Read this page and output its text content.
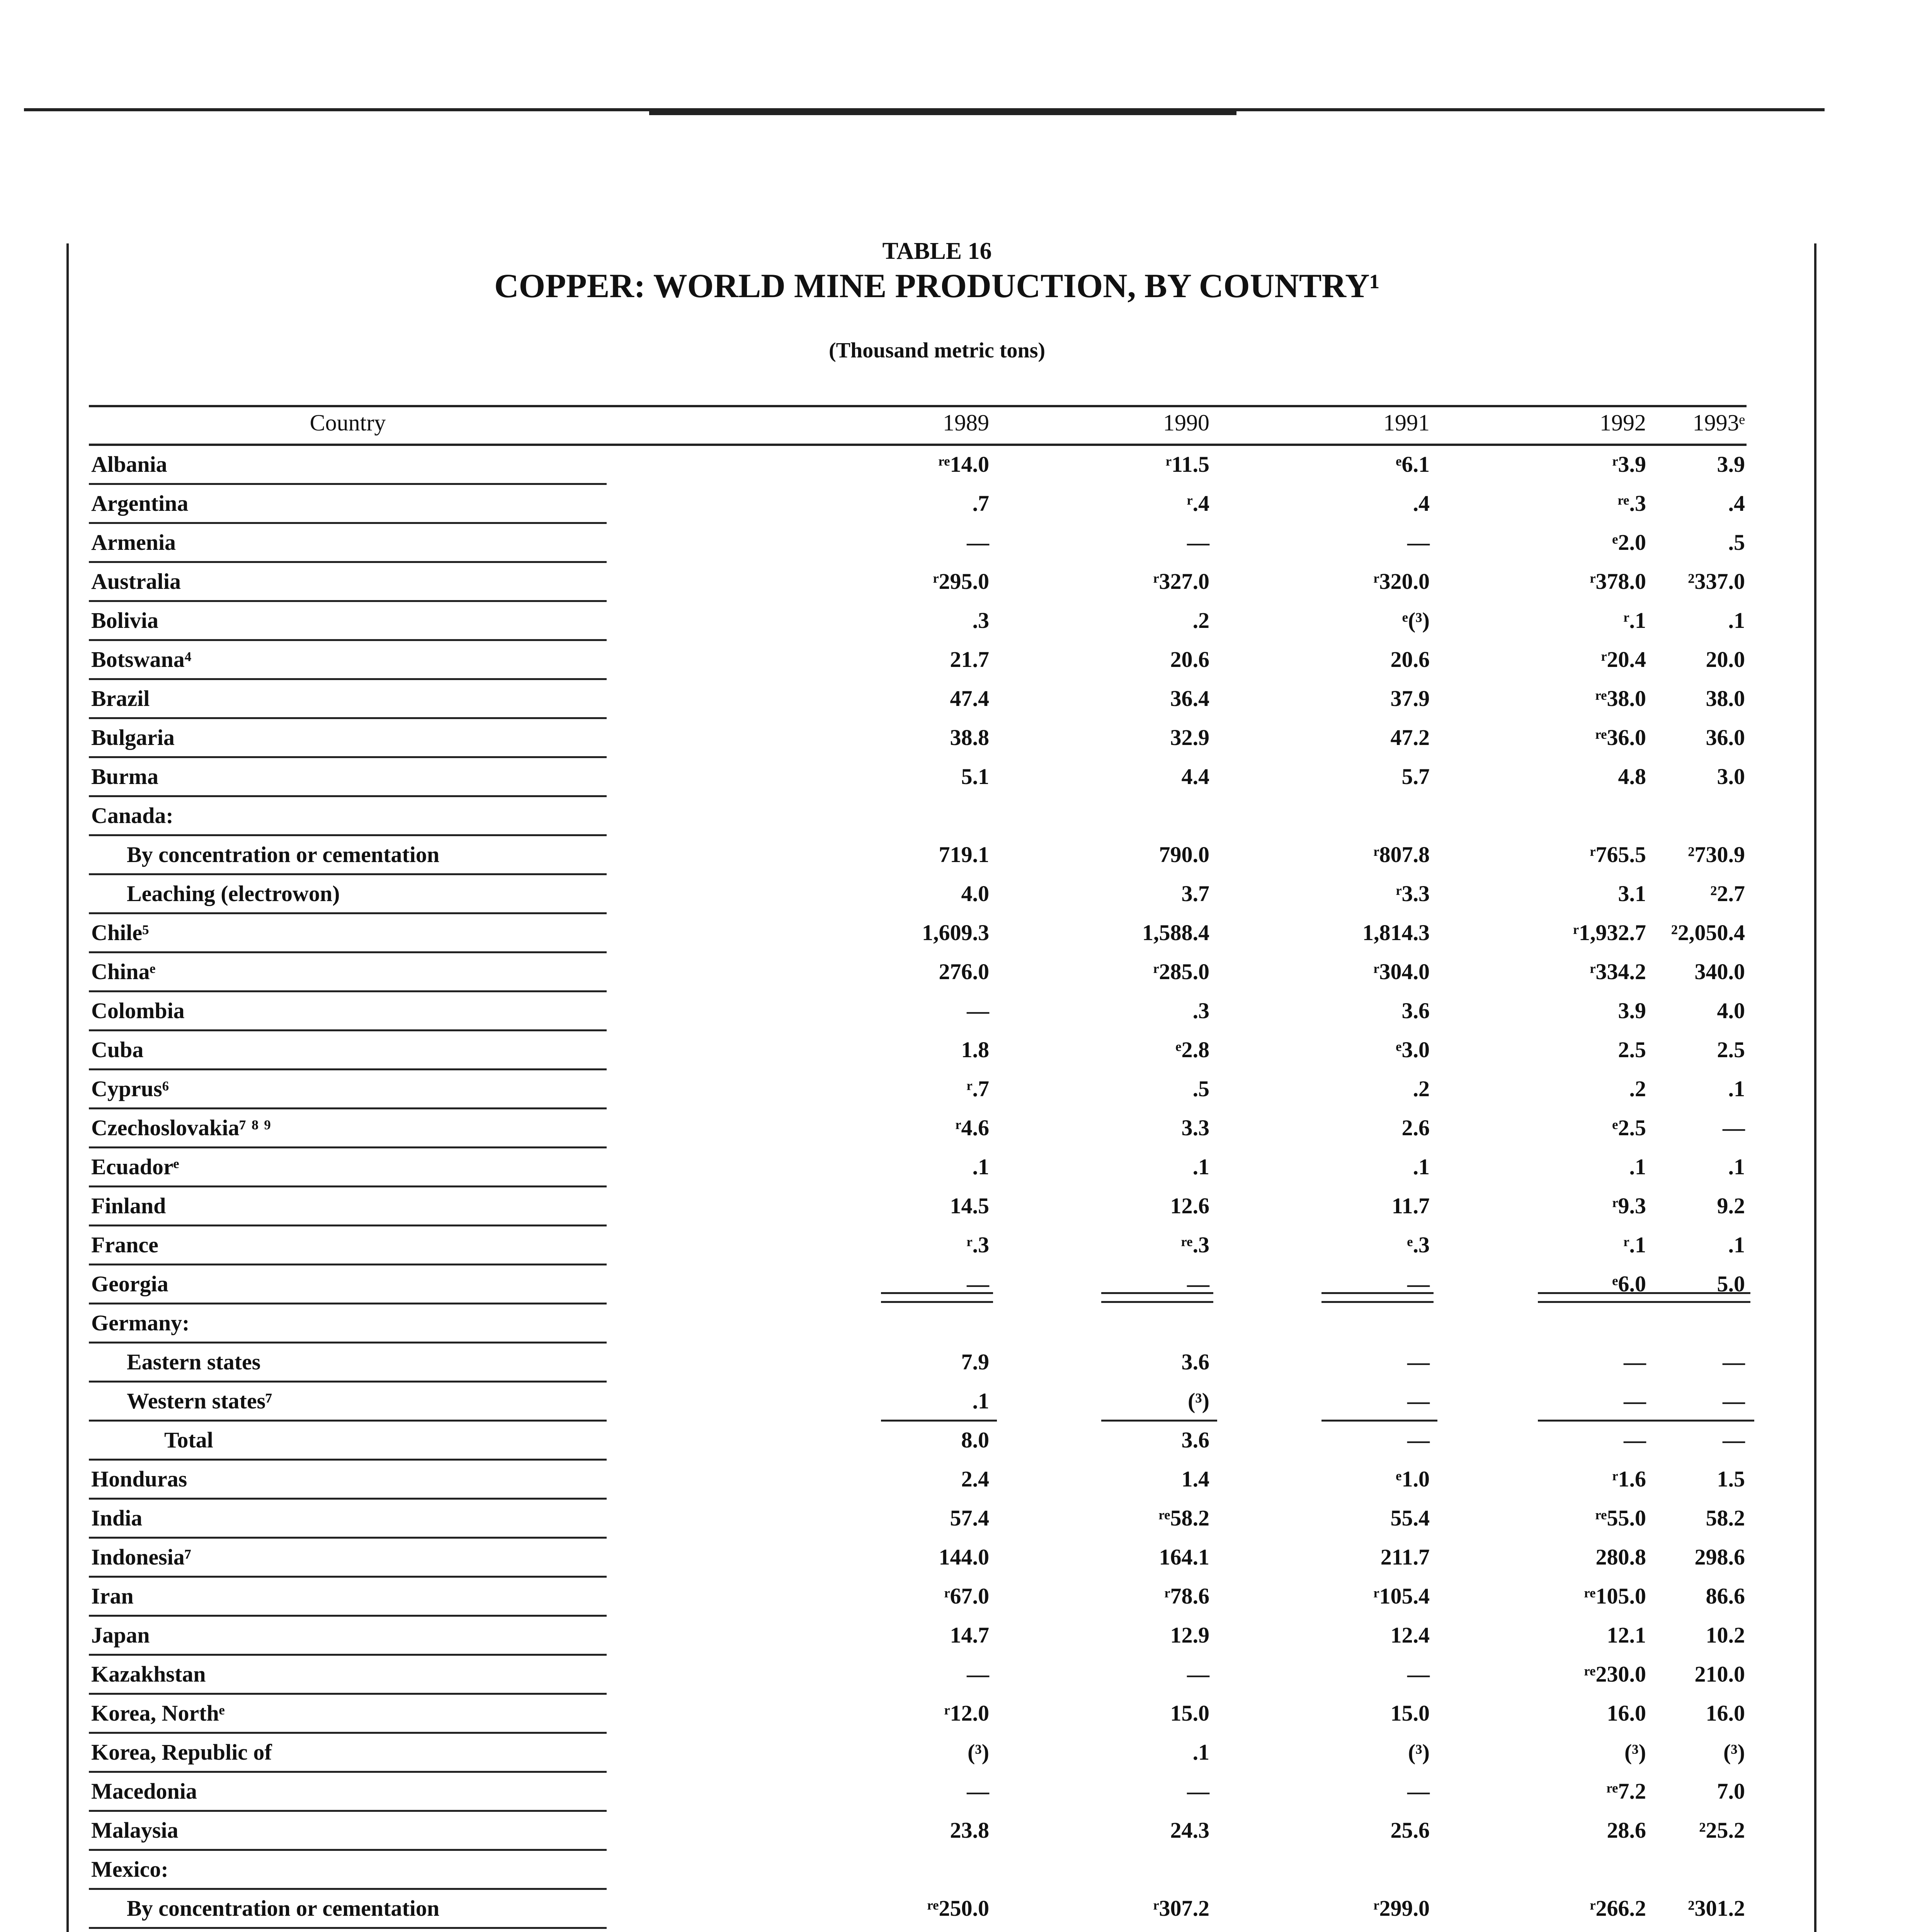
TABLE 16
COPPER: WORLD MINE PRODUCTION, BY COUNTRY¹
(Thousand metric tons)
Country	1989	1990	1991	1992	1993ᵉ
Albania	ʳᵉ14.0	ʳ11.5	ᵉ6.1	ʳ3.9	3.9
Argentina	.7	ʳ.4	.4	ʳᵉ.3	.4
Armenia	—	—	—	ᵉ2.0	.5
Australia	ʳ295.0	ʳ327.0	ʳ320.0	ʳ378.0	²337.0
Bolivia	.3	.2	ᵉ(³)	ʳ.1	.1
Botswana⁴	21.7	20.6	20.6	ʳ20.4	20.0
Brazil	47.4	36.4	37.9	ʳᵉ38.0	38.0
Bulgaria	38.8	32.9	47.2	ʳᵉ36.0	36.0
Burma	5.1	4.4	5.7	4.8	3.0
Canada:
By concentration or cementation	719.1	790.0	ʳ807.8	ʳ765.5	²730.9
Leaching (electrowon)	4.0	3.7	ʳ3.3	3.1	²2.7
Chile⁵	1,609.3	1,588.4	1,814.3	ʳ1,932.7	²2,050.4
Chinaᵉ	276.0	ʳ285.0	ʳ304.0	ʳ334.2	340.0
Colombia	—	.3	3.6	3.9	4.0
Cuba	1.8	ᵉ2.8	ᵉ3.0	2.5	2.5
Cyprus⁶	ʳ.7	.5	.2	.2	.1
Czechoslovakia⁷ ⁸ ⁹	ʳ4.6	3.3	2.6	ᵉ2.5	—
Ecuadorᵉ	.1	.1	.1	.1	.1
Finland	14.5	12.6	11.7	ʳ9.3	9.2
France	ʳ.3	ʳᵉ.3	ᵉ.3	ʳ.1	.1
Georgia	—	—	—	ᵉ6.0	5.0
Germany:
Eastern states	7.9	3.6	—	—	—
Western states⁷	.1	(³)	—	—	—
Total	8.0	3.6	—	—	—
Honduras	2.4	1.4	ᵉ1.0	ʳ1.6	1.5
India	57.4	ʳᵉ58.2	55.4	ʳᵉ55.0	58.2
Indonesia⁷	144.0	164.1	211.7	280.8	298.6
Iran	ʳ67.0	ʳ78.6	ʳ105.4	ʳᵉ105.0	86.6
Japan	14.7	12.9	12.4	12.1	10.2
Kazakhstan	—	—	—	ʳᵉ230.0	210.0
Korea, Northᵉ	ʳ12.0	15.0	15.0	16.0	16.0
Korea, Republic of	(³)	.1	(³)	(³)	(³)
Macedonia	—	—	—	ʳᵉ7.2	7.0
Malaysia	23.8	24.3	25.6	28.6	²25.2
Mexico:
By concentration or cementation	ʳᵉ250.0	ʳ307.2	ʳ299.0	ʳ266.2	²301.2
